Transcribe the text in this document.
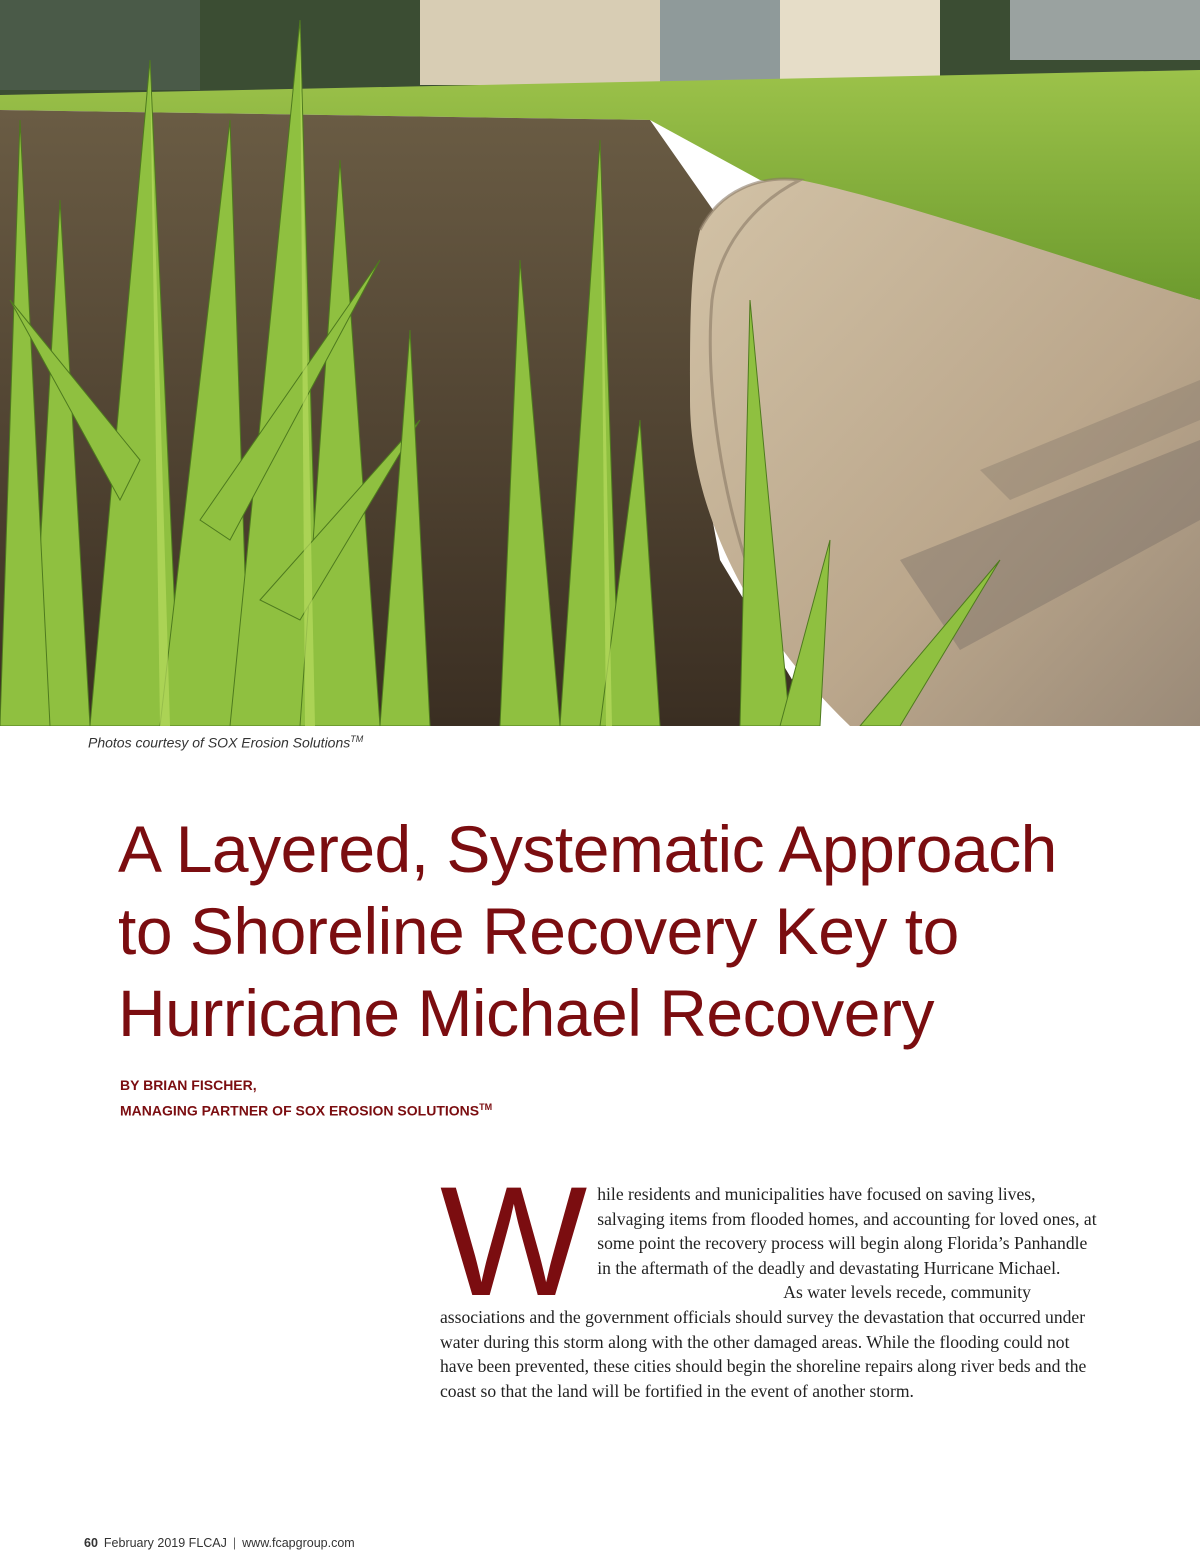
Photos courtesy of SOX Erosion Solutions™
A Layered, Systematic Approach
to Shoreline Recovery Key to
Hurricane Michael Recovery
BY BRIAN FISCHER,
MANAGING PARTNER OF SOX EROSION SOLUTIONS™
W	hile residents and municipalities have focused on saving lives, salvaging items from flooded homes, and accounting for loved ones, at some point the recovery process will begin along Florida’s Panhandle in the aftermath of the deadly and devastating Hurricane Michael.

As water levels recede, community associations and the government officials should survey the devastation that occurred under water during this storm along with the other damaged areas. While the flooding could not have been prevented, these cities should begin the shoreline repairs along river beds and the coast so that the land will be fortified in the event of another storm.

60 February 2019 FLCAJ | www.fcapgroup.com
